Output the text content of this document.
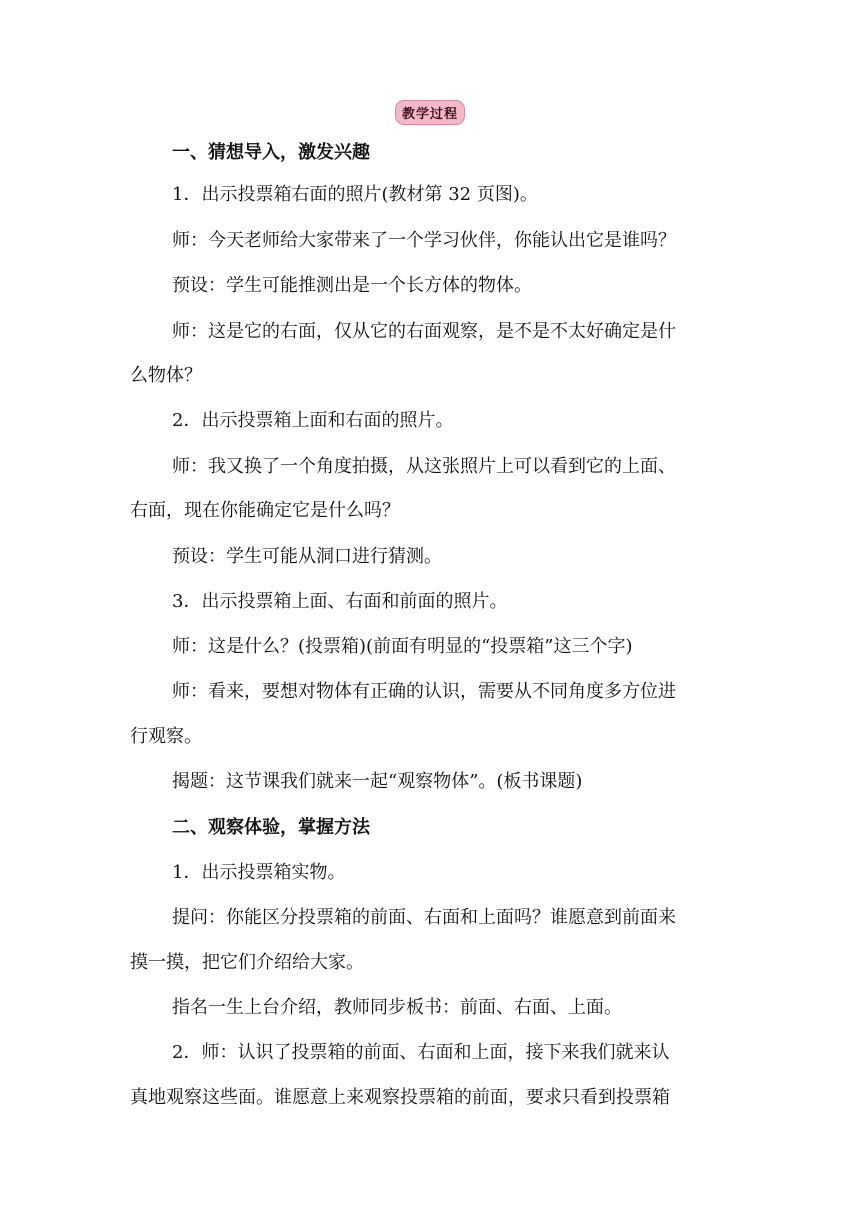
教学过程
一、猜想导入，激发兴趣
1．出示投票箱右面的照片(教材第 32 页图)。
师：今天老师给大家带来了一个学习伙伴，你能认出它是谁吗？
预设：学生可能推测出是一个长方体的物体。
师：这是它的右面，仅从它的右面观察，是不是不太好确定是什
么物体？
2．出示投票箱上面和右面的照片。
师：我又换了一个角度拍摄，从这张照片上可以看到它的上面、
右面，现在你能确定它是什么吗？
预设：学生可能从洞口进行猜测。
3．出示投票箱上面、右面和前面的照片。
师：这是什么？(投票箱)(前面有明显的“投票箱”这三个字)
师：看来，要想对物体有正确的认识，需要从不同角度多方位进
行观察。
揭题：这节课我们就来一起“观察物体”。(板书课题)
二、观察体验，掌握方法
1．出示投票箱实物。
提问：你能区分投票箱的前面、右面和上面吗？谁愿意到前面来
摸一摸，把它们介绍给大家。
指名一生上台介绍，教师同步板书：前面、右面、上面。
2．师：认识了投票箱的前面、右面和上面，接下来我们就来认
真地观察这些面。谁愿意上来观察投票箱的前面，要求只看到投票箱
